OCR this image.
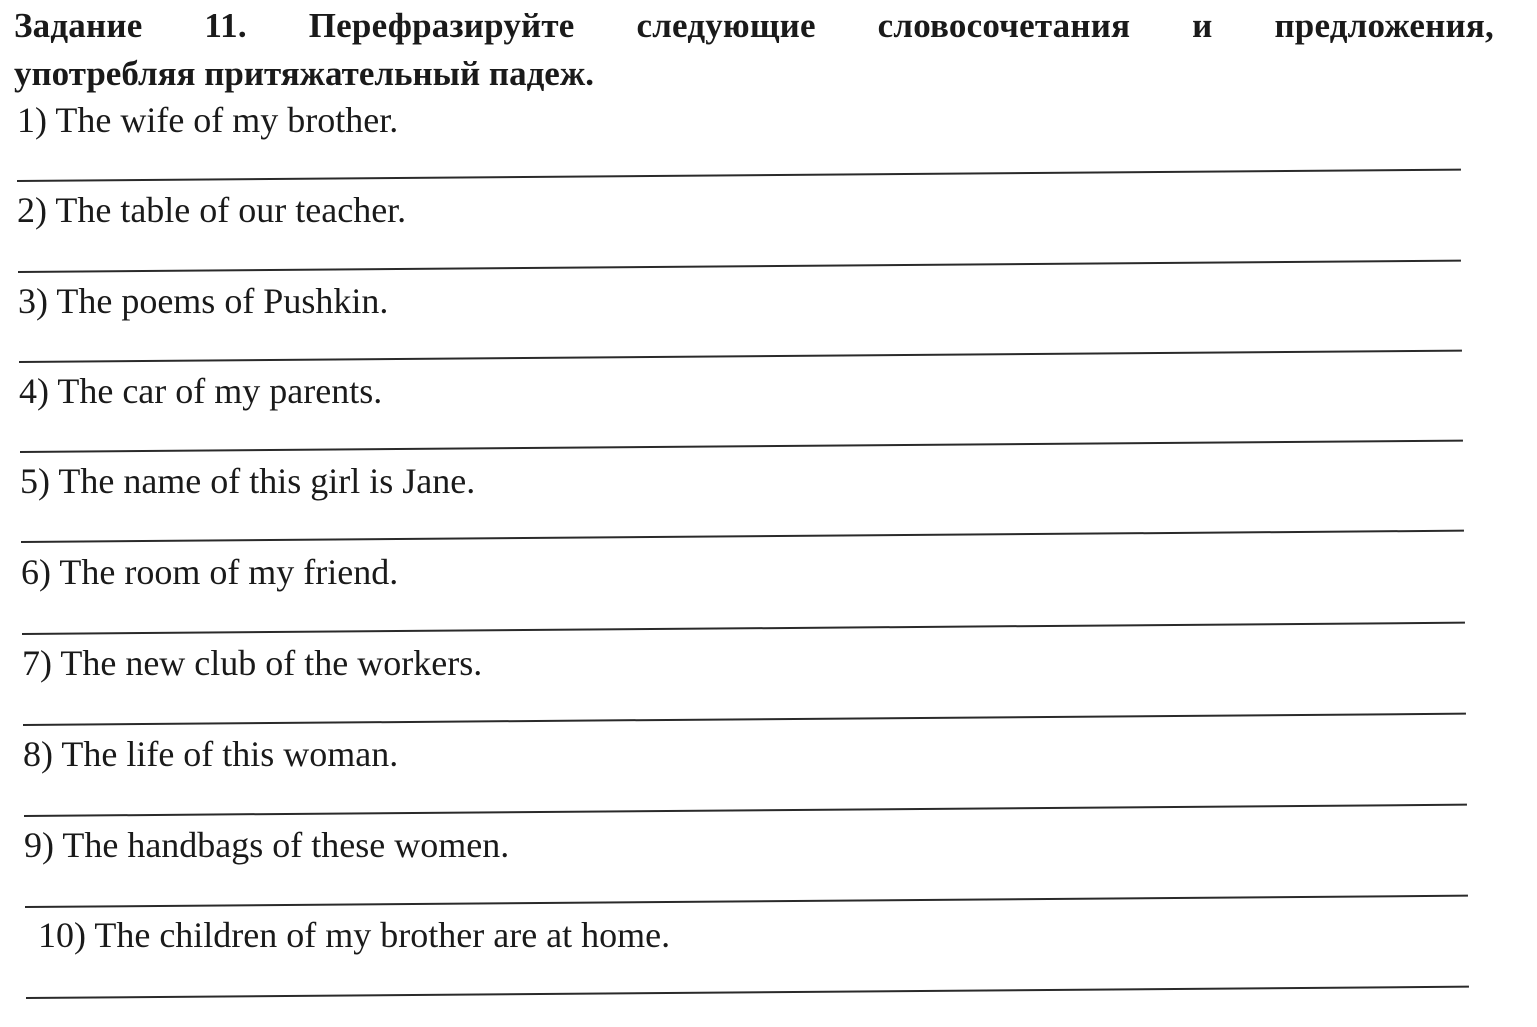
Задание 11. Перефразируйте следующие словосочетания и предложения,
употребляя притяжательный падеж.
1) The wife of my brother.
2) The table of our teacher.
3) The poems of Pushkin.
4) The car of my parents.
5) The name of this girl is Jane.
6) The room of my friend.
7) The new club of the workers.
8) The life of this woman.
9) The handbags of these women.
10) The children of my brother are at home.
